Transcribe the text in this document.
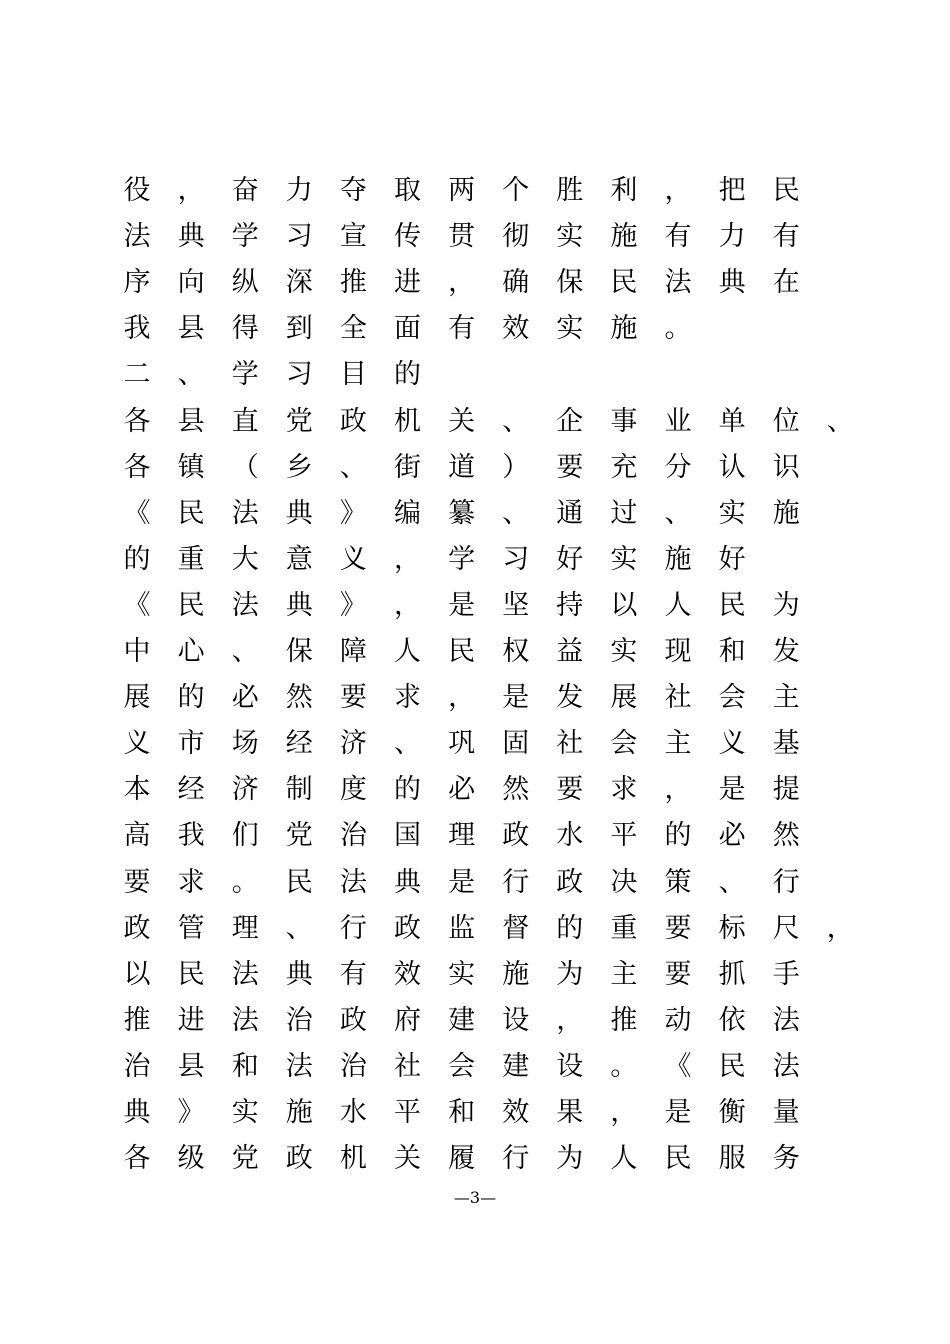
役 ， 奋 力 夺 取 两 个 胜 利 ， 把 民
法 典 学 习 宣 传 贯 彻 实 施 有 力 有
序 向 纵 深 推 进 ， 确 保 民 法 典 在
我 县 得 到 全 面 有 效 实 施 。
二 、 学 习 目 的
各 县 直 党 政 机 关 、 企 事 业 单 位 、
各 镇 （ 乡 、 街 道 ） 要 充 分 认 识
《 民 法 典 》 编 纂 、 通 过 、 实 施
的 重 大 意 义 ， 学 习 好 实 施 好
《 民 法 典 》 ， 是 坚 持 以 人 民 为
中 心 、 保 障 人 民 权 益 实 现 和 发
展 的 必 然 要 求 ， 是 发 展 社 会 主
义 市 场 经 济 、 巩 固 社 会 主 义 基
本 经 济 制 度 的 必 然 要 求 ， 是 提
高 我 们 党 治 国 理 政 水 平 的 必 然
要 求 。 民 法 典 是 行 政 决 策 、 行
政 管 理 、 行 政 监 督 的 重 要 标 尺 ，
以 民 法 典 有 效 实 施 为 主 要 抓 手
推 进 法 治 政 府 建 设 ， 推 动 依 法
治 县 和 法 治 社 会 建 设 。 《 民 法
典 》 实 施 水 平 和 效 果 ， 是 衡 量
各 级 党 政 机 关 履 行 为 人 民 服 务
—3—
